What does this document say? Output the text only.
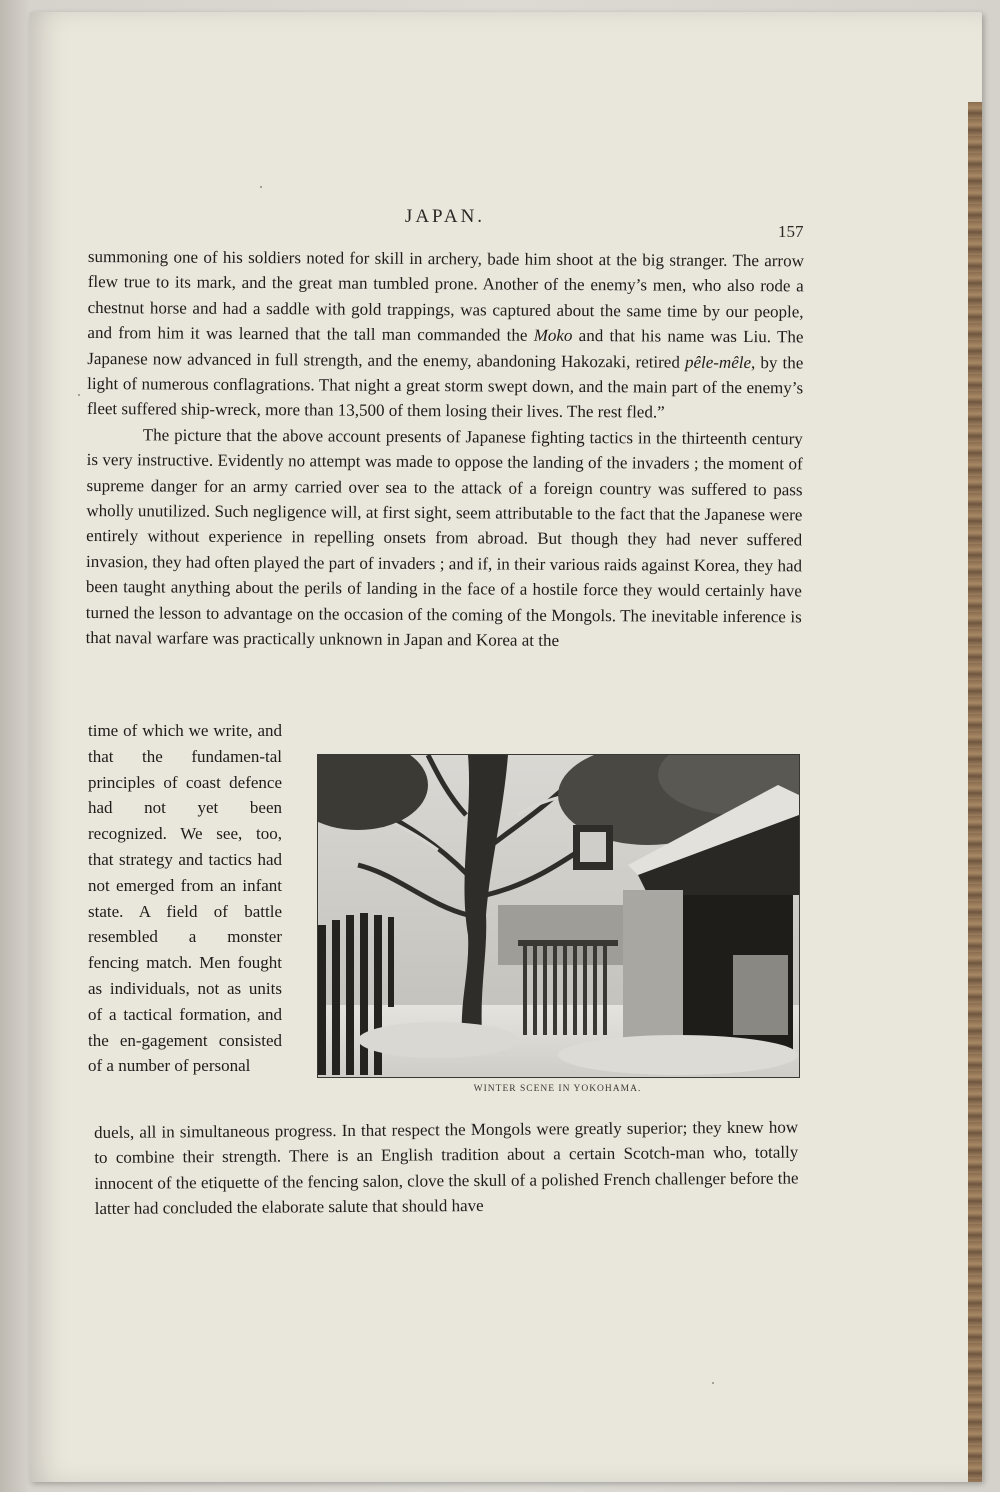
JAPAN.
157

summoning one of his soldiers noted for skill in archery, bade him shoot at the big stranger. The arrow flew true to its mark, and the great man tumbled prone. Another of the enemy’s men, who also rode a chestnut horse and had a saddle with gold trappings, was captured about the same time by our people, and from him it was learned that the tall man commanded the Moko and that his name was Liu. The Japanese now advanced in full strength, and the enemy, abandoning Hakozaki, retired pêle-mêle, by the light of numerous conflagrations. That night a great storm swept down, and the main part of the enemy’s fleet suffered ship-wreck, more than 13,500 of them losing their lives. The rest fled.”

The picture that the above account presents of Japanese fighting tactics in the thirteenth century is very instructive. Evidently no attempt was made to oppose the landing of the invaders ; the moment of supreme danger for an army carried over sea to the attack of a foreign country was suffered to pass wholly unutilized. Such negligence will, at first sight, seem attributable to the fact that the Japanese were entirely without experience in repelling onsets from abroad. But though they had never suffered invasion, they had often played the part of invaders ; and if, in their various raids against Korea, they had been taught anything about the perils of landing in the face of a hostile force they would certainly have turned the lesson to advantage on the occasion of the coming of the Mongols. The inevitable inference is that naval warfare was practically unknown in Japan and Korea at the

time of which we write, and that the fundamen-tal principles of coast defence had not yet been recognized. We see, too, that strategy and tactics had not emerged from an infant state. A field of battle resembled a monster fencing match. Men fought as individuals, not as units of a tactical formation, and the en-gagement consisted of a number of personal
WINTER SCENE IN YOKOHAMA.
duels, all in simultaneous progress. In that respect the Mongols were greatly superior; they knew how to combine their strength. There is an English tradition about a certain Scotch-man who, totally innocent of the etiquette of the fencing salon, clove the skull of a polished French challenger before the latter had concluded the elaborate salute that should have
